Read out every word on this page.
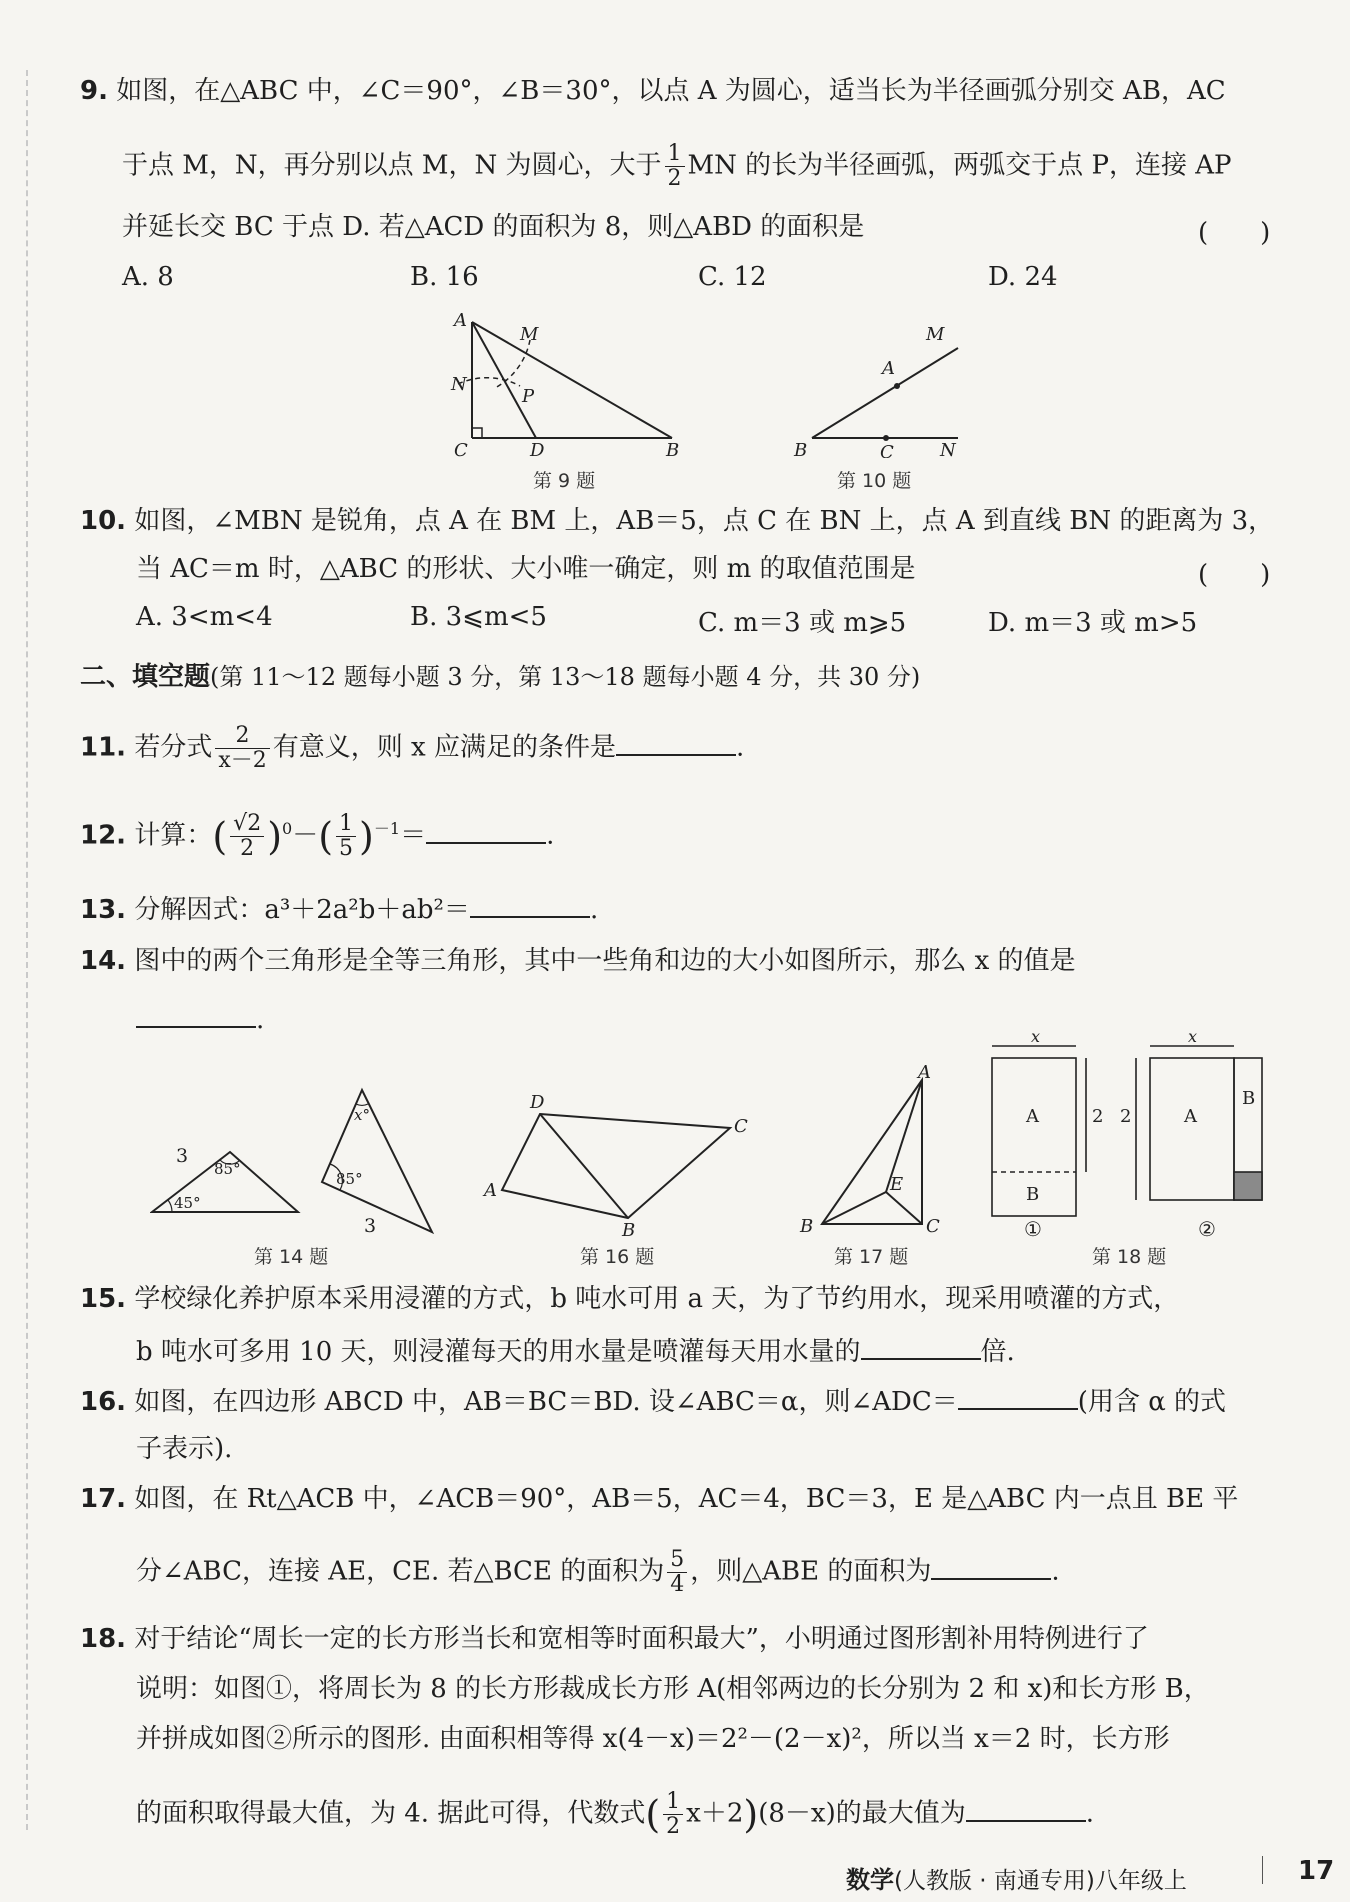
9. 如图，在△ABC 中，∠C＝90°，∠B＝30°，以点 A 为圆心，适当长为半径画弧分别交 AB，AC
于点 M，N，再分别以点 M，N 为圆心，大于 $\frac{1}{2}$ MN 的长为半径画弧，两弧交于点 P，连接 AP
并延长交 BC 于点 D. 若△ACD 的面积为 8，则△ABD 的面积是	(　　)
A. 8	B. 16	C. 12	D. 24
A
M
N
P
C	D	B
第 9 题
M
A
B	C	N
第 10 题
10. 如图，∠MBN 是锐角，点 A 在 BM 上，AB＝5，点 C 在 BN 上，点 A 到直线 BN 的距离为 3，
当 AC＝m 时，△ABC 的形状、大小唯一确定，则 m 的取值范围是	(　　)
A. 3<m<4	B. 3⩽m<5	C. m＝3 或 m⩾5	D. m＝3 或 m>5
二、填空题(第 11～12 题每小题 3 分，第 13～18 题每小题 4 分，共 30 分)
11. 若分式 $\frac{2}{x-2}$ 有意义，则 x 应满足的条件是	.
12. 计算：( $\frac{√2}{2} )^0-( \frac{1}{5} )^{-1}=$	.
13. 分解因式：a³＋2a²b＋ab²＝	.
14. 图中的两个三角形是全等三角形，其中一些角和边的大小如图所示，那么 x 的值是
.
3
85°
45°
x°
85°
3
第 14 题
D
C
A
B
第 16 题
A
E
B	C
第 17 题
x	x
A
B
2 2	A
B
①	②
第 18 题
15. 学校绿化养护原本采用浸灌的方式，b 吨水可用 a 天，为了节约用水，现采用喷灌的方式，
b 吨水可多用 10 天，则浸灌每天的用水量是喷灌每天用水量的	倍.
16. 如图，在四边形 ABCD 中，AB＝BC＝BD. 设∠ABC＝α，则∠ADC＝	(用含 α 的式
子表示).
17. 如图，在 Rt△ACB 中，∠ACB＝90°，AB＝5，AC＝4，BC＝3，E 是△ABC 内一点且 BE 平
分∠ABC，连接 AE，CE. 若△BCE 的面积为 $\frac{5}{4}$ ，则△ABE 的面积为	.
18. 对于结论“周长一定的长方形当长和宽相等时面积最大”，小明通过图形割补用特例进行了
说明：如图①，将周长为 8 的长方形裁成长方形 A(相邻两边的长分别为 2 和 x)和长方形 B，
并拼成如图②所示的图形. 由面积相等得 x(4－x)＝2²－(2－x)²，所以当 x＝2 时，长方形
的面积取得最大值，为 4. 据此可得，代数式( $\frac{1}{2} x+2)(8-x)$的最大值为	.
数学(人教版 · 南通专用)八年级上	17
